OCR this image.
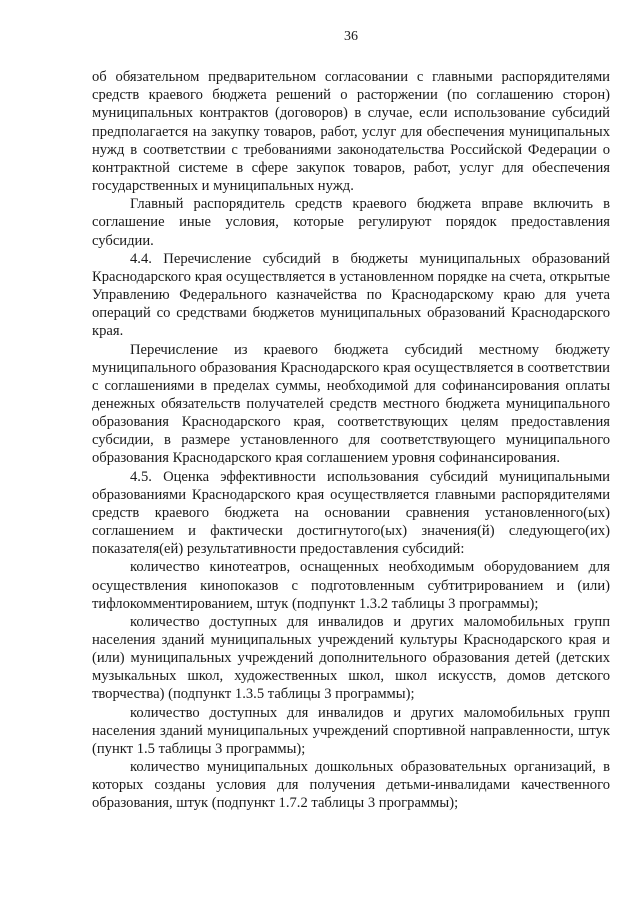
36

об обязательном предварительном согласовании с главными распорядителями средств краевого бюджета решений о расторжении (по соглашению сторон) муниципальных контрактов (договоров) в случае, если использование субсидий предполагается на закупку товаров, работ, услуг для обеспечения муниципальных нужд в соответствии с требованиями законодательства Российской Федерации о контрактной системе в сфере закупок товаров, работ, услуг для обеспечения государственных и муниципальных нужд.

Главный распорядитель средств краевого бюджета вправе включить в соглашение иные условия, которые регулируют порядок предоставления субсидии.

4.4. Перечисление субсидий в бюджеты муниципальных образований Краснодарского края осуществляется в установленном порядке на счета, открытые Управлению Федерального казначейства по Краснодарскому краю для учета операций со средствами бюджетов муниципальных образований Краснодарского края.

Перечисление из краевого бюджета субсидий местному бюджету муниципального образования Краснодарского края осуществляется в соответствии с соглашениями в пределах суммы, необходимой для софинансирования оплаты денежных обязательств получателей средств местного бюджета муниципального образования Краснодарского края, соответствующих целям предоставления субсидии, в размере установленного для соответствующего муниципального образования Краснодарского края соглашением уровня софинансирования.

4.5. Оценка эффективности использования субсидий муниципальными образованиями Краснодарского края осуществляется главными распорядителями средств краевого бюджета на основании сравнения установленного(ых) соглашением и фактически достигнутого(ых) значения(й) следующего(их) показателя(ей) результативности предоставления субсидий:

количество кинотеатров, оснащенных необходимым оборудованием для осуществления кинопоказов с подготовленным субтитрированием и (или) тифлокомментированием, штук (подпункт 1.3.2 таблицы 3 программы);

количество доступных для инвалидов и других маломобильных групп населения зданий муниципальных учреждений культуры Краснодарского края и (или) муниципальных учреждений дополнительного образования детей (детских музыкальных школ, художественных школ, школ искусств, домов детского творчества) (подпункт 1.3.5 таблицы 3 программы);

количество доступных для инвалидов и других маломобильных групп населения зданий муниципальных учреждений спортивной направленности, штук (пункт 1.5 таблицы 3 программы);

количество муниципальных дошкольных образовательных организаций, в которых созданы условия для получения детьми-инвалидами качественного образования, штук (подпункт 1.7.2 таблицы 3 программы);
